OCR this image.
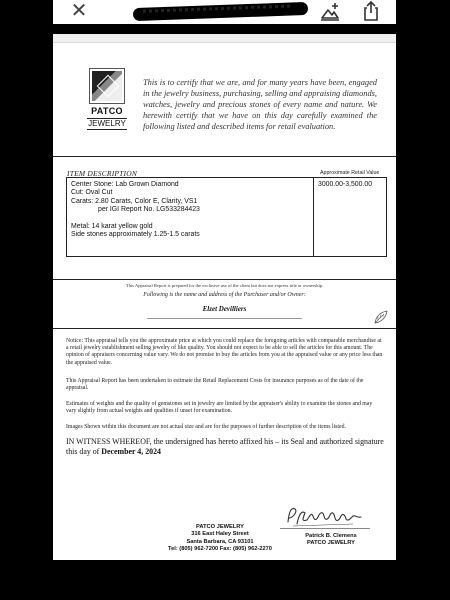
✕
PATCO
JEWELRY
This is to certify that we are, and for many years have been, engaged in the jewelry business, purchasing, selling and appraising diamonds, watches, jewelry and precious stones of every name and nature. We herewith certify that we have on this day carefully examined the following listed and described items for retail evaluation.
ITEM DESCRIPTION	Approximate Retail Value
Center Stone: Lab Grown Diamond
Cut: Oval Cut
Carats: 2.80 Carats, Color E, Clarity, VS1

per IGI Report No. LG533284423
Metal: 14 karat yellow gold
Side stones approximately 1.25-1.5 carats
3000.00-3,500.00
This Appraisal Report is prepared for the exclusive use of the client but does not express title or ownership.
Following is the name and address of the Purchaser and/or Owner:
Elzet Devilliers
Notice: This appraisal tells you the approximate price at which you could replace the foregoing articles with comparable merchandise at a retail jewelry establishment selling jewelry of like quality. You should not expect to be able to sell the articles for this amount. The opinion of appraisers concerning value vary. We do not promise to buy the articles from you at the appraised value or any price less than the appraised value.
This Appraisal Report has been undertaken to estimate the Retail Replacement Costs for insurance purposes as of the date of the appraisal.
Estimates of weights and the quality of gemstones set in jewelry are limited by the appraiser's ability to examine the stones and may vary slightly from actual weights and qualities if unset for examination.
Images Shown within this document are not actual size and are for the purposes of further description of the items listed.
IN WITNESS WHEREOF, the undersigned has hereto affixed his – its Seal and authorized signature this day of December 4, 2024
PATCO JEWELRY
316 East Haley Street
Santa Barbara, CA 93101
Tel: (805) 962-7200 Fax: (805) 962-2270
Patrick B. Clemens
PATCO JEWELRY
